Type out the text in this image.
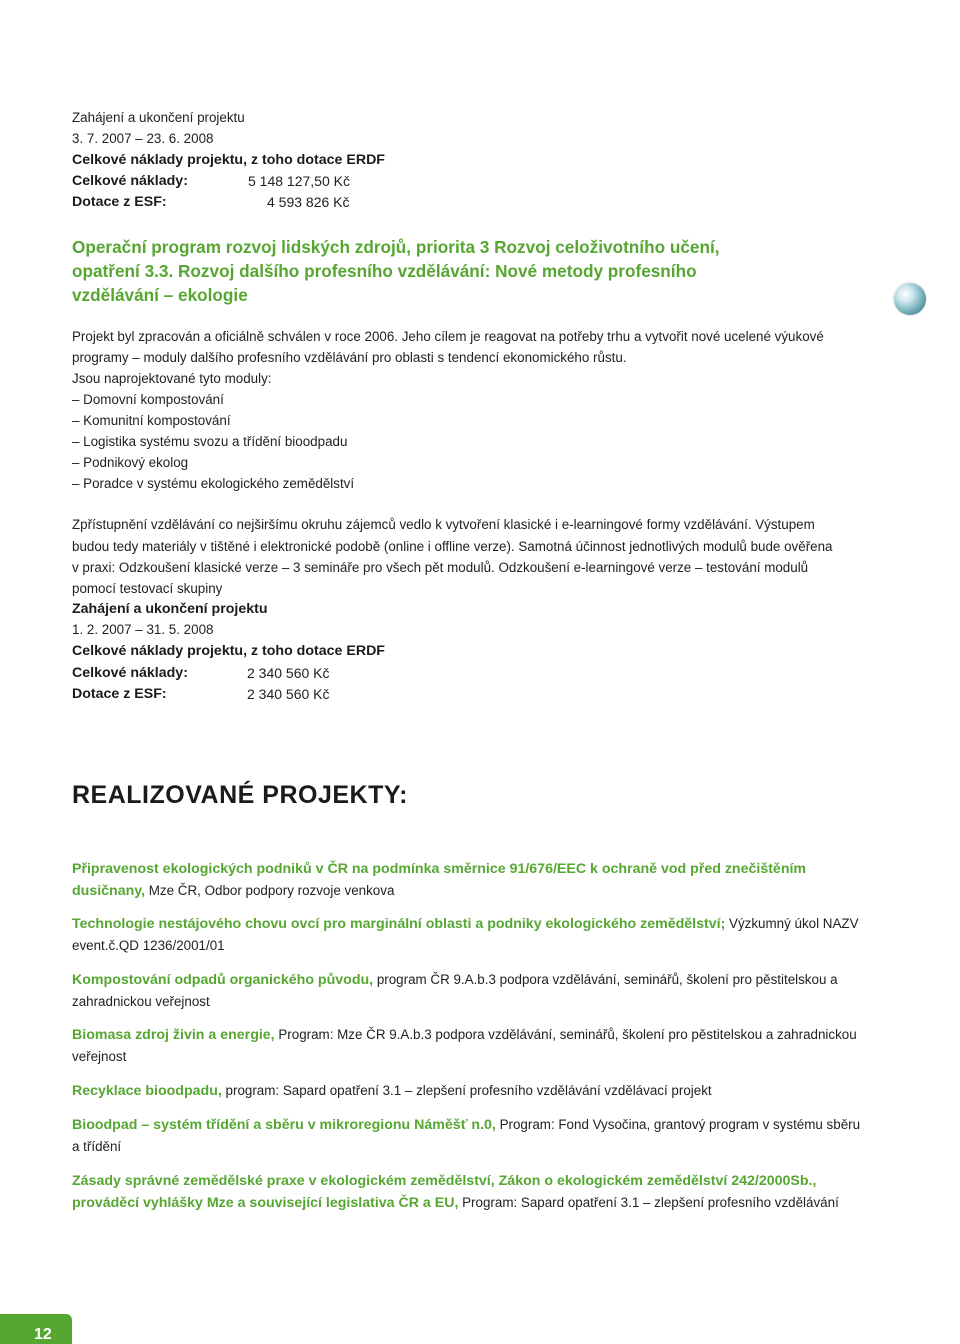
Zahájení a ukončení projektu
3. 7. 2007 – 23. 6. 2008
Celkové náklady projektu, z toho dotace ERDF
Celkové náklady:	5 148 127,50 Kč
Dotace z ESF:	4 593 826 Kč
Operační program rozvoj lidských zdrojů, priorita 3 Rozvoj celoživotního učení,
opatření 3.3. Rozvoj dalšího profesního vzdělávání: Nové metody profesního
vzdělávání – ekologie
Projekt byl zpracován a oficiálně schválen v roce 2006. Jeho cílem je reagovat na potřeby trhu a vytvořit nové ucelené výukové
programy – moduly dalšího profesního vzdělávání pro oblasti s tendencí ekonomického růstu.
Jsou naprojektované tyto moduly:
– Domovní kompostování
– Komunitní kompostování
– Logistika systému svozu a třídění bioodpadu
– Podnikový ekolog
– Poradce v systému ekologického zemědělství
Zpřístupnění vzdělávání co nejširšímu okruhu zájemců vedlo k vytvoření klasické i e-learningové formy vzdělávání. Výstupem
budou tedy materiály v tištěné i elektronické podobě (online i offline verze). Samotná účinnost jednotlivých modulů bude ověřena
v praxi: Odzkoušení klasické verze – 3 semináře pro všech pět modulů. Odzkoušení e-learningové verze – testování modulů
pomocí testovací skupiny
Zahájení a ukončení projektu
1. 2. 2007 – 31. 5. 2008
Celkové náklady projektu, z toho dotace ERDF
Celkové náklady:	2 340 560 Kč
Dotace z ESF:	2 340 560 Kč
REALIZOVANÉ PROJEKTY:
Připravenost ekologických podniků v ČR na podmínka směrnice 91/676/EEC k ochraně vod před znečištěním dusičnany, Mze ČR, Odbor podpory rozvoje venkova
Technologie nestájového chovu ovcí pro marginální oblasti a podniky ekologického zemědělství; Výzkumný úkol NAZV event.č.QD 1236/2001/01
Kompostování odpadů organického původu, program ČR 9.A.b.3 podpora vzdělávání, seminářů, školení pro pěstitelskou a zahradnickou veřejnost
Biomasa zdroj živin a energie, Program: Mze ČR 9.A.b.3 podpora vzdělávání, seminářů, školení pro pěstitelskou a zahradnickou veřejnost
Recyklace bioodpadu, program: Sapard opatření 3.1 – zlepšení profesního vzdělávání vzdělávací projekt
Bioodpad – systém třídění a sběru v mikroregionu Náměšť n.0, Program: Fond Vysočina, grantový program v systému sběru a třídění
Zásady správné zemědělské praxe v ekologickém zemědělství, Zákon o ekologickém zemědělství 242/2000Sb., prováděcí vyhlášky Mze a související legislativa ČR a EU, Program: Sapard opatření 3.1 – zlepšení profesního vzdělávání
12
